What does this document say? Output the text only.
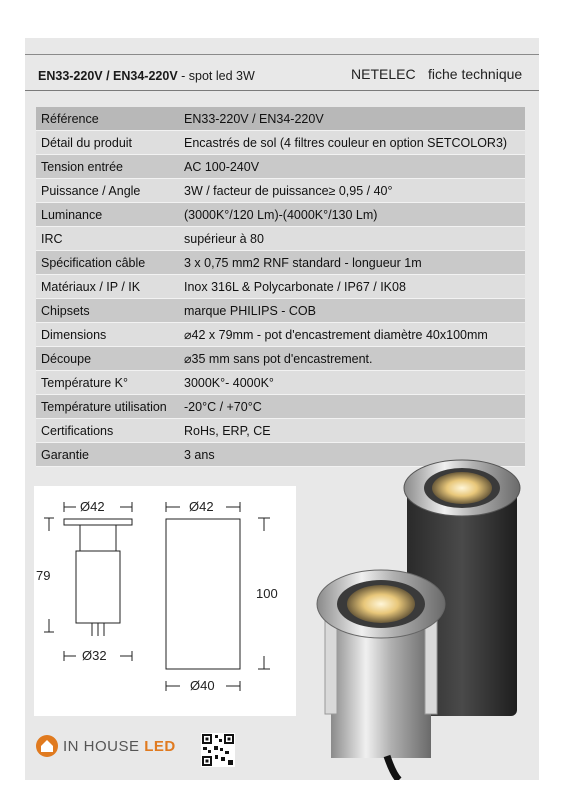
EN33-220V / EN34-220V - spot led 3W	NETELEC fiche technique
Référence	EN33-220V / EN34-220V
Détail du produit	Encastrés de sol (4 filtres couleur en option SETCOLOR3)
Tension entrée	AC 100-240V
Puissance / Angle	3W / facteur de puissance≥ 0,95 / 40°
Luminance	(3000K°/120 Lm)-(4000K°/130 Lm)
IRC	supérieur à 80
Spécification câble	3 x 0,75 mm2 RNF standard - longueur 1m
Matériaux / IP / IK	Inox 316L & Polycarbonate / IP67 / IK08
Chipsets	marque PHILIPS - COB
Dimensions	⌀42 x 79mm - pot d'encastrement diamètre 40x100mm
Découpe	⌀35 mm sans pot d'encastrement.
Température K°	3000K°- 4000K°
Température utilisation	-20°C / +70°C
Certifications	RoHs, ERP, CE
Garantie	3 ans
Ø42	Ø42
79
100
Ø32
Ø40
IN HOUSE LED
